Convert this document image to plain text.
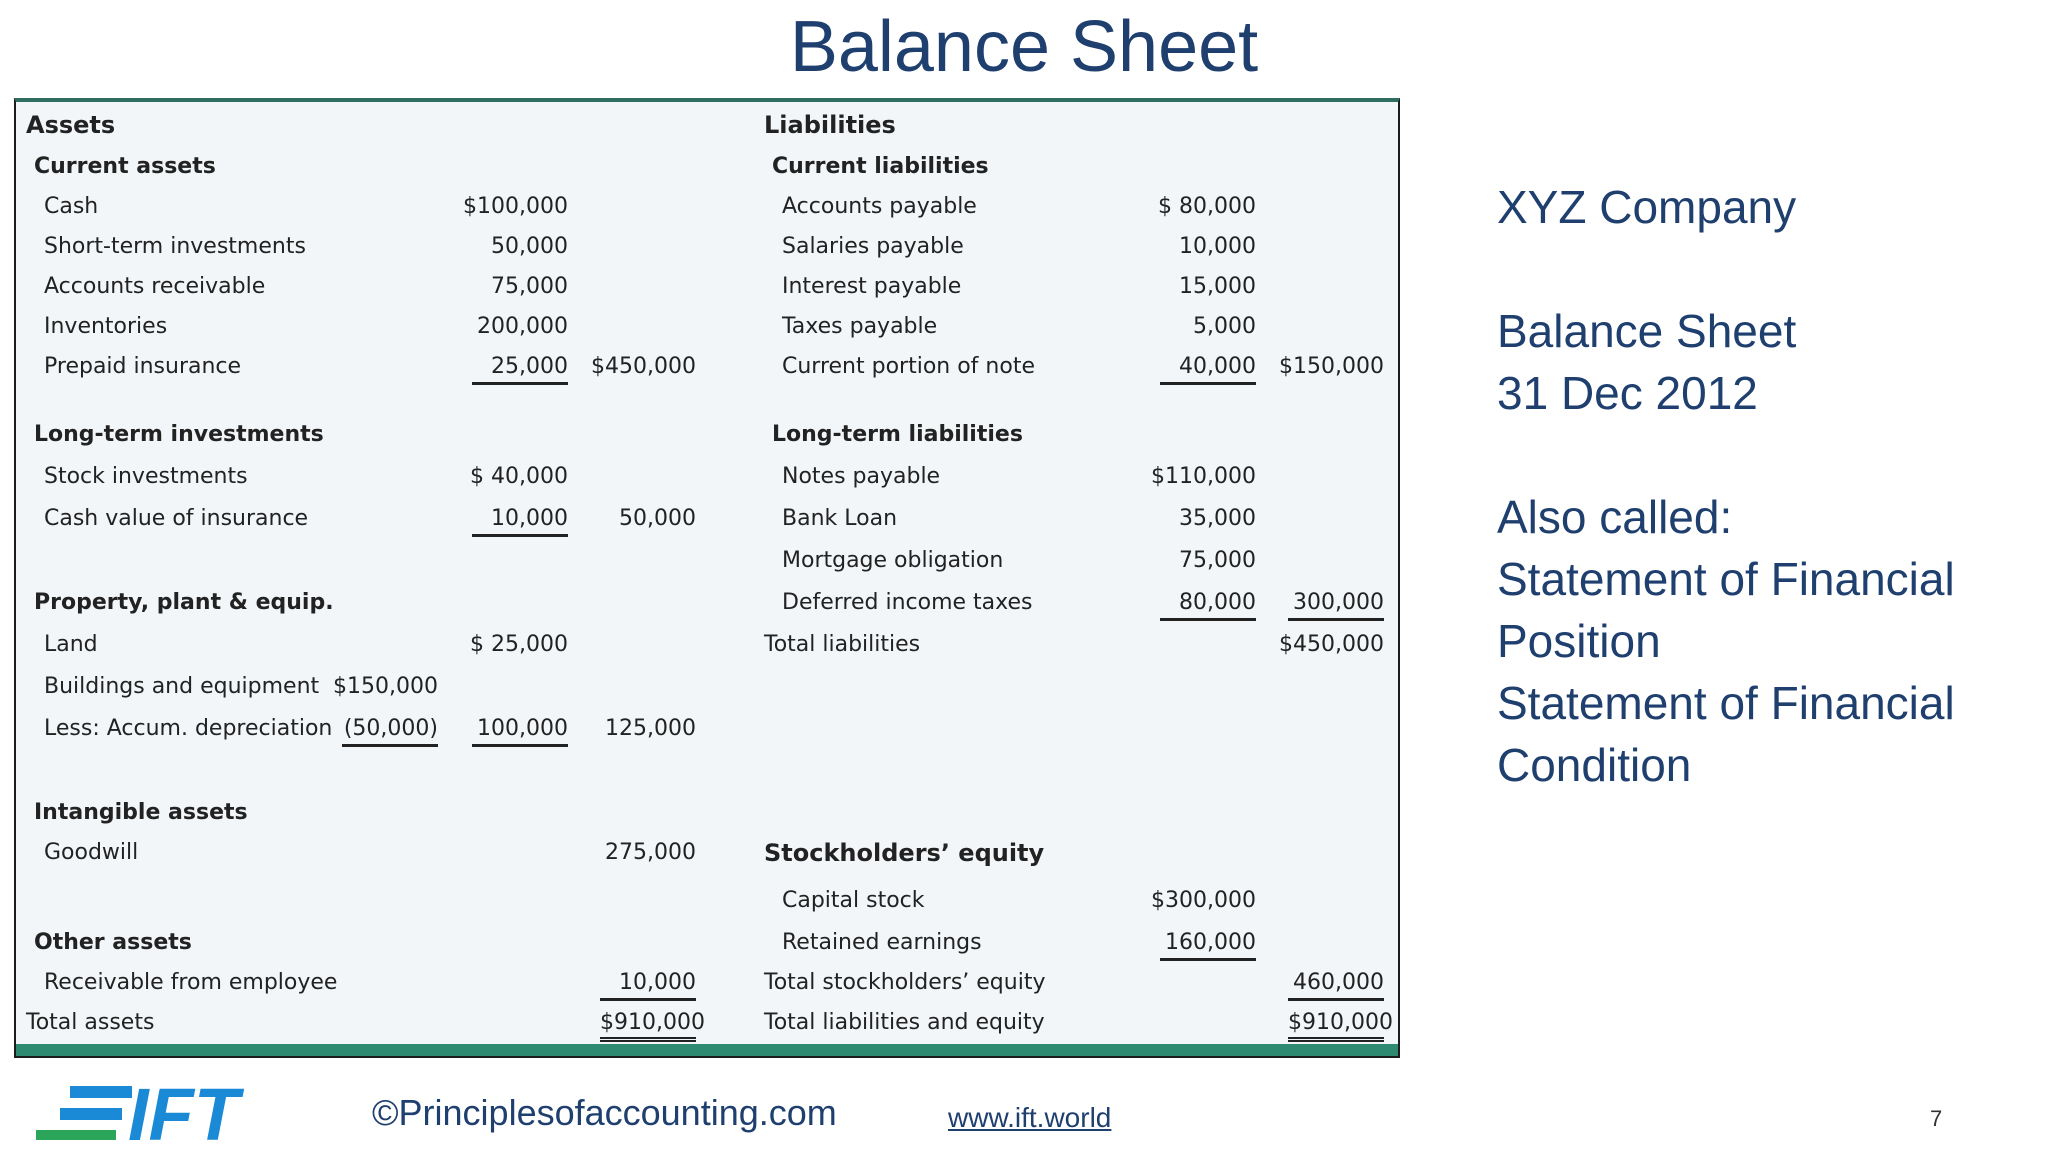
Balance Sheet
Assets
Current assets
Cash	$100,000
Short-term investments	50,000
Accounts receivable	75,000
Inventories	200,000
Prepaid insurance	25,000 $450,000
Long-term investments
Stock investments	$ 40,000
Cash value of insurance	10,000 50,000
Property, plant & equip.
Land	$ 25,000
Buildings and equipment $150,000
Less: Accum. depreciation (50,000) 100,000 125,000
Intangible assets
Goodwill	275,000
Other assets
Receivable from employee	10,000
Total assets	$910,000
Liabilities
Current liabilities
Accounts payable	$ 80,000
Salaries payable	10,000
Interest payable	15,000
Taxes payable	5,000
Current portion of note	40,000 $150,000
Long-term liabilities
Notes payable	$110,000
Bank Loan	35,000
Mortgage obligation	75,000
Deferred income taxes	80,000 300,000
Total liabilities	$450,000
Stockholders’ equity
Capital stock	$300,000
Retained earnings	160,000
Total stockholders’ equity	460,000
Total liabilities and equity	$910,000
XYZ Company
Balance Sheet
31 Dec 2012
Also called:
Statement of Financial
Position
Statement of Financial
Condition
IFT	©Principlesofaccounting.com	www.ift.world	7
